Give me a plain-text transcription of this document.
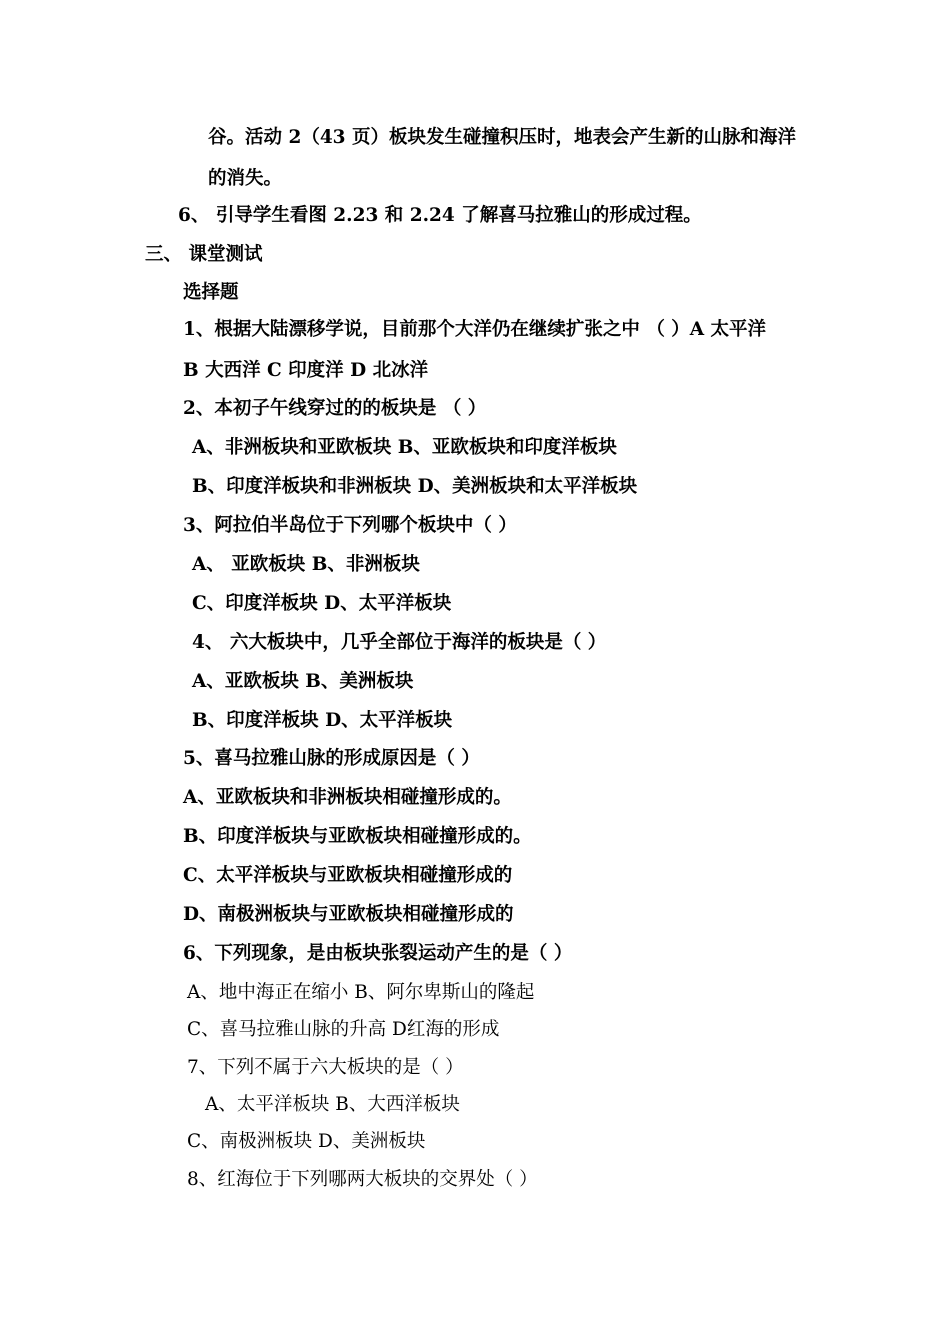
谷。活动 2（43 页）板块发生碰撞积压时，地表会产生新的山脉和海洋
的消失。
6、 引导学生看图 2.23 和 2.24 了解喜马拉雅山的形成过程。
三、 课堂测试
选择题
1、根据大陆漂移学说，目前那个大洋仍在继续扩张之中 （ ）A 太平洋
B 大西洋 C 印度洋 D 北冰洋
2、本初子午线穿过的的板块是 （ ）
A、非洲板块和亚欧板块 B、亚欧板块和印度洋板块
B、印度洋板块和非洲板块 D、美洲板块和太平洋板块
3、阿拉伯半岛位于下列哪个板块中（ ）
A、 亚欧板块 B、非洲板块
C、印度洋板块 D、太平洋板块
4、 六大板块中，几乎全部位于海洋的板块是（ ）
A、亚欧板块 B、美洲板块
B、印度洋板块 D、太平洋板块
5、喜马拉雅山脉的形成原因是（ ）
A、亚欧板块和非洲板块相碰撞形成的。
B、印度洋板块与亚欧板块相碰撞形成的。
C、太平洋板块与亚欧板块相碰撞形成的
D、南极洲板块与亚欧板块相碰撞形成的
6、下列现象，是由板块张裂运动产生的是（ ）
A、地中海正在缩小 B、阿尔卑斯山的隆起
C、喜马拉雅山脉的升高 D红海的形成
7、下列不属于六大板块的是（ ）
A、太平洋板块 B、大西洋板块
C、南极洲板块 D、美洲板块
8、红海位于下列哪两大板块的交界处（ ）
